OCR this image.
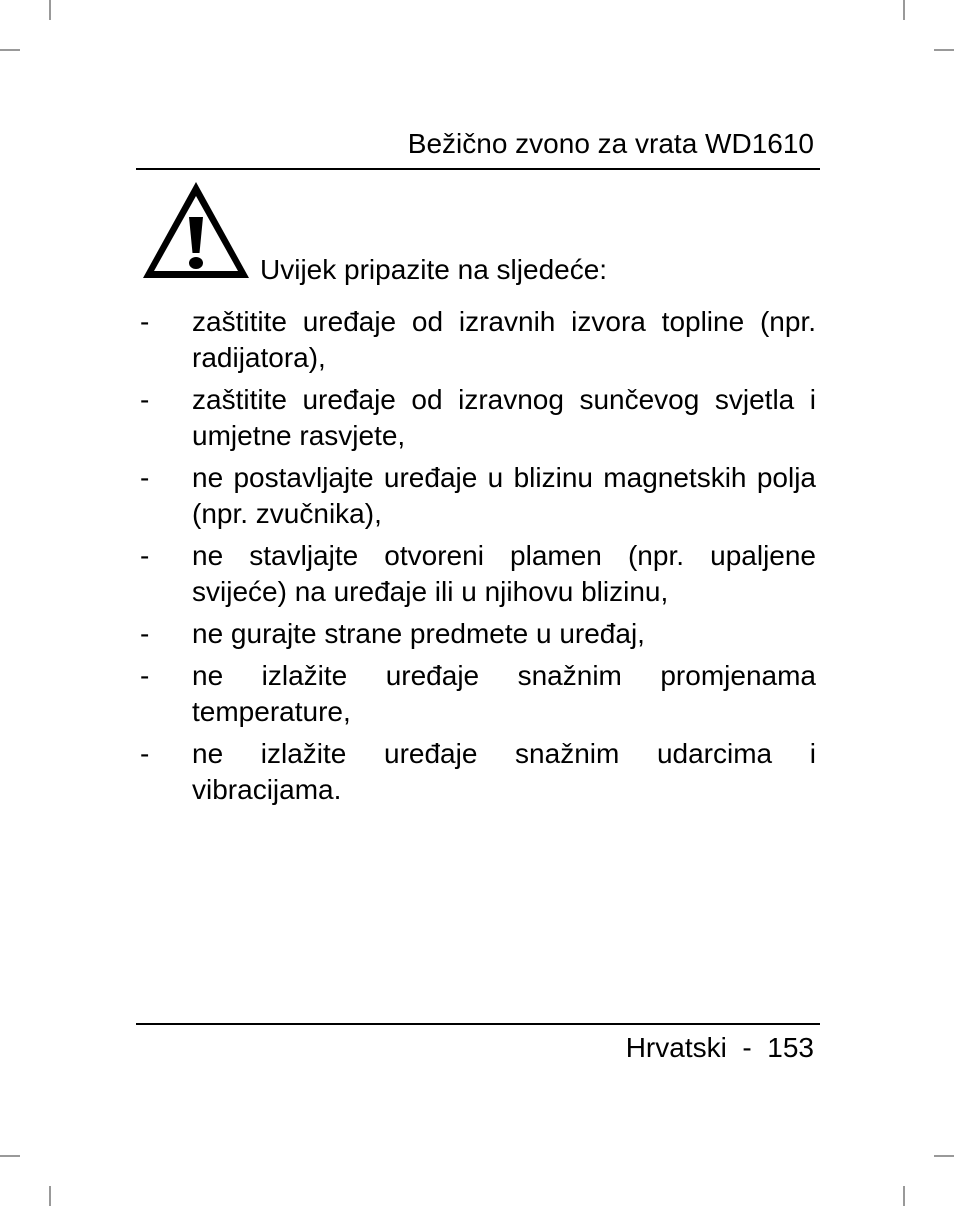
Bežično zvono za vrata WD1610
Uvijek pripazite na sljedeće:
- zaštitite uređaje od izravnih izvora topline (npr. radijatora),
- zaštitite uređaje od izravnog sunčevog svjetla i umjetne rasvjete,
- ne postavljajte uređaje u blizinu magnetskih polja (npr. zvučnika),
- ne stavljajte otvoreni plamen (npr. upaljene svijeće) na uređaje ili u njihovu blizinu,
- ne gurajte strane predmete u uređaj,
- ne izlažite uređaje snažnim promjenama temperature,
- ne izlažite uređaje snažnim udarcima i vibracijama.
Hrvatski - 153
